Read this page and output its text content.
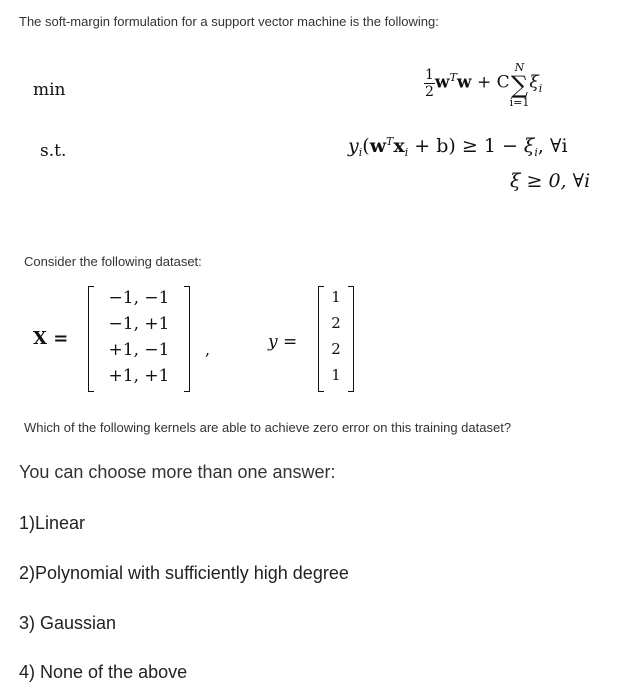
The soft-margin formulation for a support vector machine is the following:
min	$\frac{1}{2} w^Tw + C$
N
∑
i=1
$\xi_i$
s.t.	$y_i(w^Tx_i + b) \ge 1 - \xi_i$, ∀i
ξ ≥ 0, ∀i
Consider the following dataset:
X =
−1, −1
−1, +1
+1, −1
+1, +1
,	y =
1
2
2
1
Which of the following kernels are able to achieve zero error on this training dataset?
You can choose more than one answer:
1)Linear
2)Polynomial with sufficiently high degree
3) Gaussian
4) None of the above
